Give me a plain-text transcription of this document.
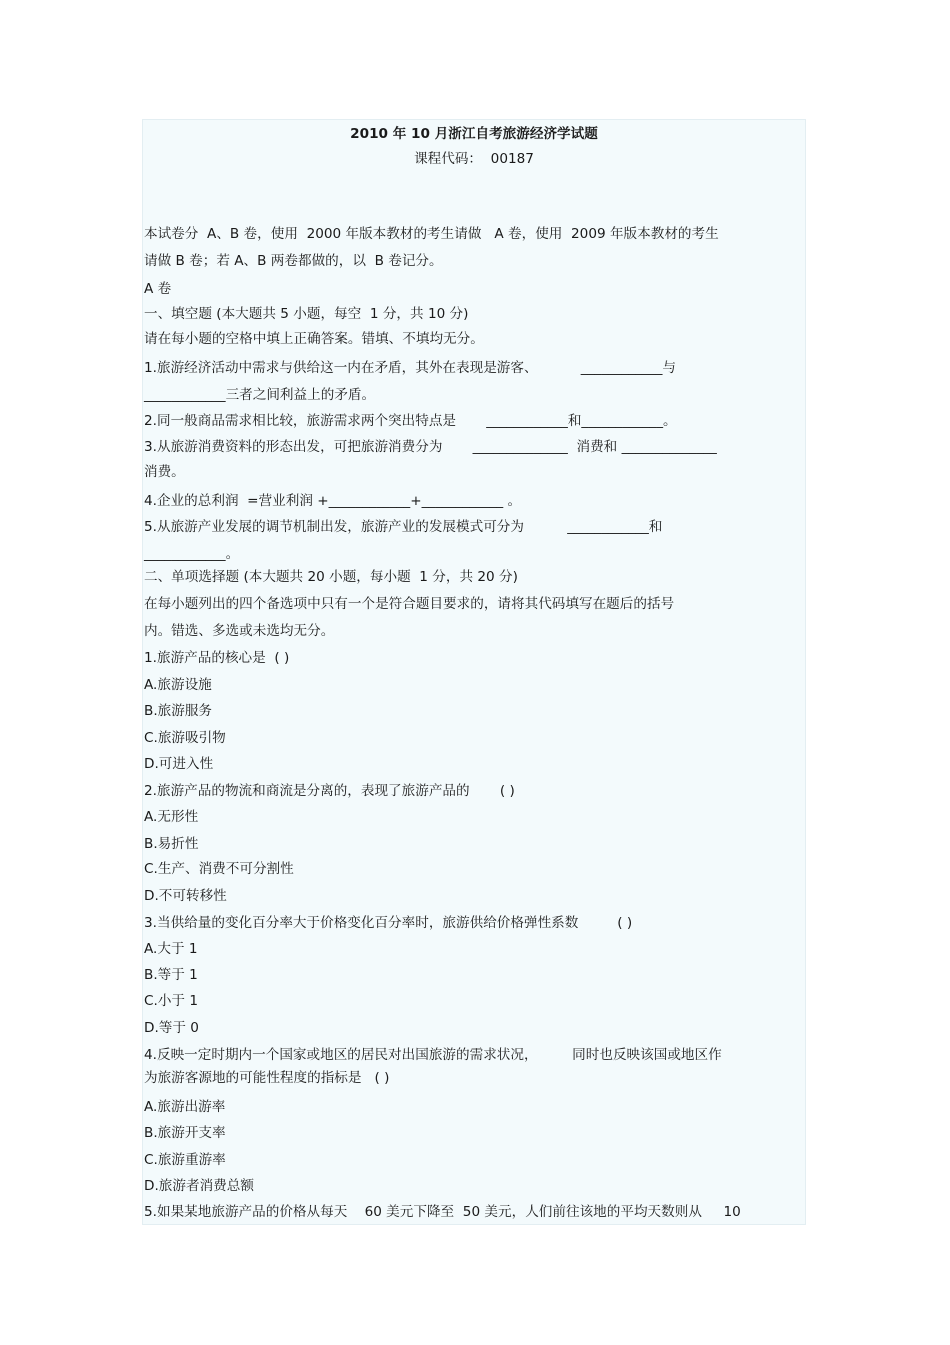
2010 年 10 月浙江自考旅游经济学试题
课程代码：  00187
本试卷分  A、B 卷，使用  2000 年版本教材的考生请做   A 卷，使用  2009 年版本教材的考生
请做 B 卷；若 A、B 两卷都做的，以  B 卷记分。
A 卷
一、填空题 (本大题共 5 小题，每空  1 分，共 10 分)
请在每小题的空格中填上正确答案。错填、不填均无分。
1.旅游经济活动中需求与供给这一内在矛盾，其外在表现是游客、          ____________与
____________三者之间利益上的矛盾。
2.同一般商品需求相比较，旅游需求两个突出特点是       ____________和____________。
3.从旅游消费资料的形态出发，可把旅游消费分为       ______________  消费和 ______________
消费。
4.企业的总利润  =营业利润 +____________+____________ 。
5.从旅游产业发展的调节机制出发，旅游产业的发展模式可分为          ____________和
____________。
二、单项选择题 (本大题共 20 小题，每小题  1 分，共 20 分)
在每小题列出的四个备选项中只有一个是符合题目要求的，请将其代码填写在题后的括号
内。错选、多选或未选均无分。
1.旅游产品的核心是  ( )
A.旅游设施
B.旅游服务
C.旅游吸引物
D.可进入性
2.旅游产品的物流和商流是分离的，表现了旅游产品的       ( )
A.无形性
B.易折性
C.生产、消费不可分割性
D.不可转移性
3.当供给量的变化百分率大于价格变化百分率时，旅游供给价格弹性系数         ( )
A.大于 1
B.等于 1
C.小于 1
D.等于 0
4.反映一定时期内一个国家或地区的居民对出国旅游的需求状况，        同时也反映该国或地区作
为旅游客源地的可能性程度的指标是   ( )
A.旅游出游率
B.旅游开支率
C.旅游重游率
D.旅游者消费总额
5.如果某地旅游产品的价格从每天    60 美元下降至  50 美元，人们前往该地的平均天数则从     10
